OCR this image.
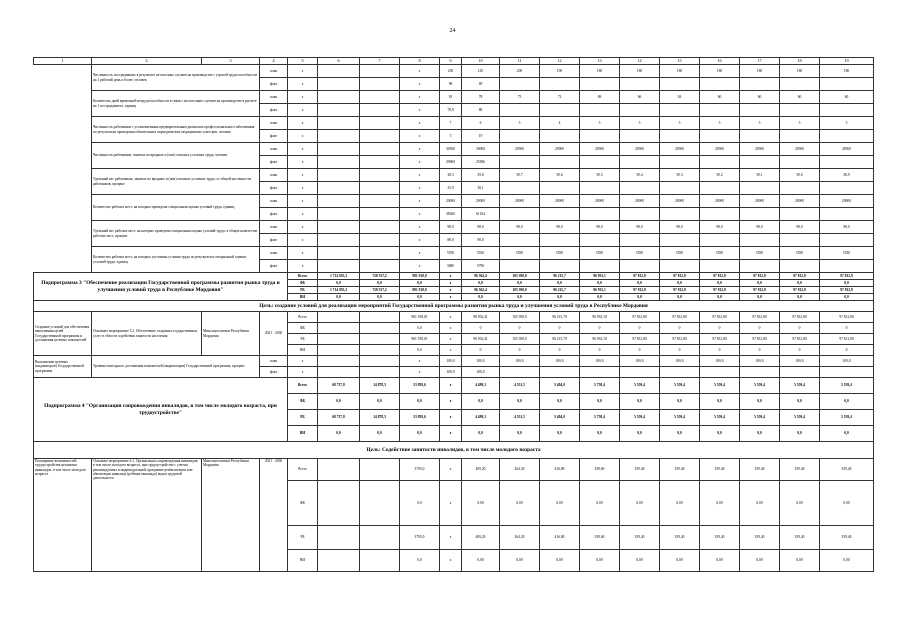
24
1	2	3	4	5	6	7	8	9	10	11	12	13	14	15	16	17	18	19
	Численность пострадавших в результате несчастных случаев на производстве с утратой трудоспособности на 1 рабочий день и более, человек		план	x			x	230	210	200	190	180	180	180	180	180	180	180
			факт	x			х	98	69									
	Количество дней временной нетрудоспособности в связи с несчастным случаем на производстве в расчете на 1 пострадавшего, единиц		план	x			x	81	78	75	72	69	66	63	60	60	60	60
			факт	x			х	78,9	80									
	Численность работников с установленным предварительным диагнозом профессионального заболевания по результатам проведения обязательных периодических медицинских осмотров, человек		план	x			x	7	6	5	4	3	3	3	3	3	3	3
			факт	x			х	5	19									
	Численность работников, занятых во вредных и (или) опасных условиях труда, человек		план	x			x	30500	30000	29500	29000	28500	28500	28500	28500	28500	28500	28500
			факт	x			х	29060	25386									
	Удельный вес работников, занятых во вредных и (или) опасных условиях труда, от общей численности работников, процент		план	x			x	38,3	39,8	39,7	39,6	39,5	39,4	39,3	39,2	39,1	39,0	38,9
			факт	x			х	35,9	38,1									
	Количество рабочих мест, на которых проведена специальная оценка условий труда, единиц		план	x			x	29000	29000	29000	29000	29000	29000	29000	29000	29000	29000	29000
			факт	x			х	38366	61164									
	Удельный вес рабочих мест, на которых проведена специальная оценка условий труда, в общем количестве рабочих мест, процент		план	x			x	98,0	98,0	98,0	98,0	98,0	98,0	98,0	98,0	98,0	98,0	98,0
			факт	x			х	88,0	98,0									
	Количество рабочих мест, на которых улучшены условия труда по результатам специальной оценки условий труда, единиц		план	x			x	5550	5550	5550	5550	5550	5550	5550	5550	5550	5550	5550
			факт	x			х	3680	5790									
Подпрограмма 3 "Обеспечение реализации Государственной программы развития рынка труда и улучшения условий труда в Республике Мордовия"				Всего	1 714 055,2	728 537,2	981 918,0	x	96 562,4	105 390,0	96 215,7	96 933,1	97 812,8	97 812,8	97 812,8	97 812,8	97 812,8	97 812,8
				ФБ	0,0	0,0	0,0	х	0,0	0,0	0,0	0,0	0,0	0,0	0,0	0,0	0,0	0,0
				РБ	1 714 055,2	728 537,2	981 918,0	х	96 562,4	105 390,0	96 215,7	96 933,1	97 812,8	97 812,8	97 812,8	97 812,8	97 812,8	97 812,8
				ВИ	0,0	0,0	0,0	х	0,0	0,0	0,0	0,0	0,0	0,0	0,0	0,0	0,0	0,0
Цель: создание условий для реализации мероприятий Государственной программы развития рынка труда и улучшения условий труда в Республике Мордовия																		
Создание условий для обеспечения выполнения целей Государственной программы и достижения целевых показателей	Основное мероприятие 3.2. Обеспечение создания государственных услуг в области содействия занятости населения	Минсоцполитики Республики Мордовия	2021 - 2030	Всего			981 918,01	x	96 502,41	105 390,0	96 215,70	96 933,10	97 812,80	97 812,80	97 812,80	97 812,80	97 812,80	97 812,80
				ФБ			0,0	х	0	0	0	0	0	0	0	0	0	0
				РБ			981 918,01	х	96 502,41	105 390,0	96 215,70	96 933,10	97 812,80	97 812,80	97 812,80	97 812,80	97 812,80	97 812,80
				ВИ			0,0	х	0	0	0	0	0	0	0	0	0	0
Выполнение целевых (индикаторов) Государственной программы	Уровень ежегодного достижения показателей (индикаторов) Государственной программы, процент		план	x			x	100,0	100,0	100,0	100,0	100,0	100,0	100,0	100,0	100,0	100,0	100,0
			факт	x			х	100,0	100,0									
Подпрограмма 4 "Организация сопровождения инвалидов, в том числе молодого возраста, при трудоустройстве"				Всего	68 737,8	14 878,3	53 859,6	x	4 499,3	4 551,5	5 494,0	5 758,4	5 559,4	5 559,4	5 559,4	5 559,4	5 559,4	5 559,4
				ФБ	0,0	0,0	0,0	х	0,0	0,0	0,0	0,0	0,0	0,0	0,0	0,0	0,0	0,0
				РБ	68 737,8	14 878,3	53 859,6	х	4 499,3	4 551,5	5 494,0	5 758,4	5 559,4	5 559,4	5 559,4	5 559,4	5 559,4	5 559,4
				ВИ	0,0	0,0	0,0	х	0,0	0,0	0,0	0,0	0,0	0,0	0,0	0,0	0,0	0,0
Цель: Содействие занятости инвалидов, в том числе молодого возраста																		
Расширение возможностей трудоустройства незанятых инвалидов, в том числе молодого возраста	Основное мероприятие 4.1. Организация сопровождения инвалидов, в том числе молодого возраста, при трудоустройстве с учетом рекомендуемых в индивидуальной программе реабилитации или абилитации инвалида (ребенка-инвалида) видов трудовой деятельности	Минсоцполитики Республики Мордовия	2021 - 2030	Всего			3795,0	x	409,20	264,30	416,80	358,60	359,40	359,40	359,40	359,40	359,40	359,40
				ФБ			0,0	х	0,00	0,00	0,00	0,00	0,00	0,00	0,00	0,00	0,00	0,00
				РБ			3795,0	х	409,20	264,30	416,80	358,60	359,40	359,40	359,40	359,40	359,40	359,40
				ВИ			0,0	х	0,00	0,00	0,00	0,00	0,00	0,00	0,00	0,00	0,00	0,00
